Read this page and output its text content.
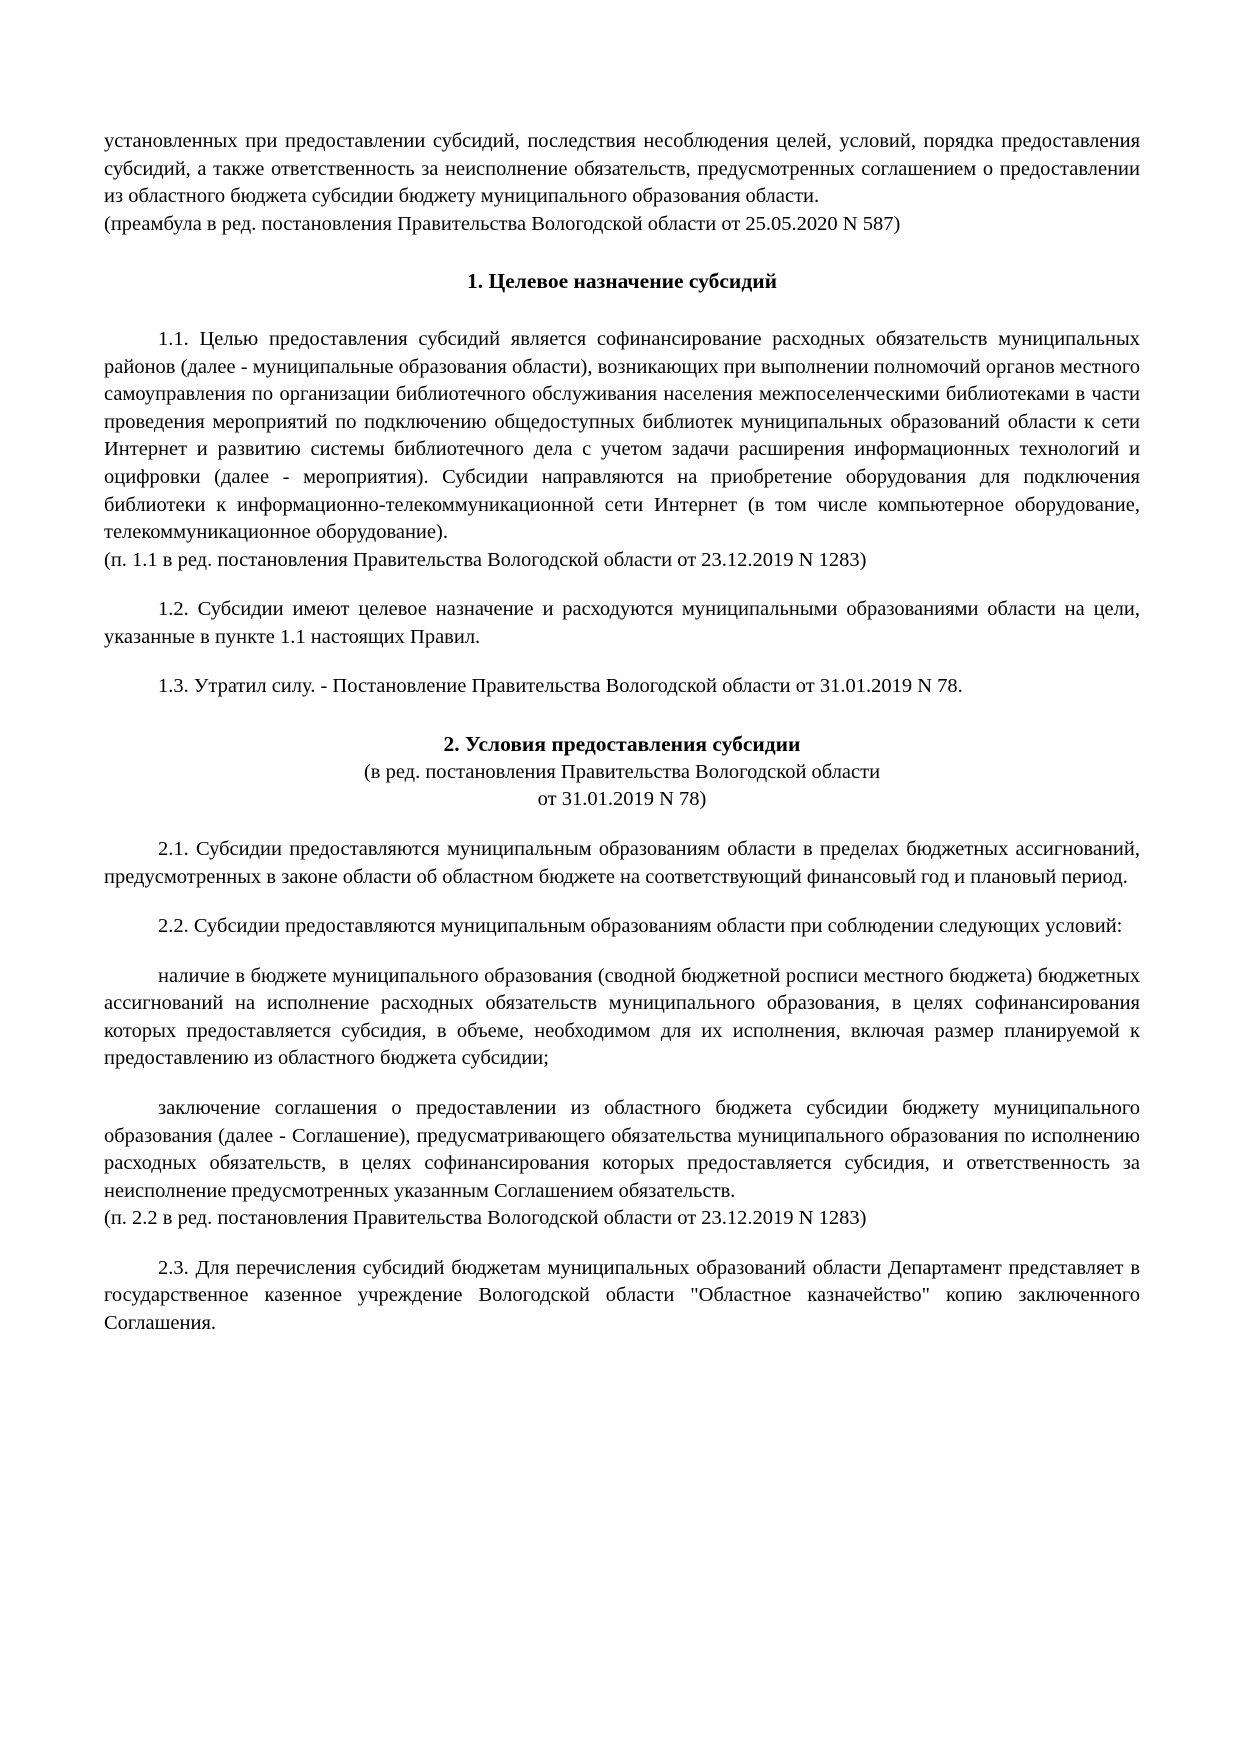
установленных при предоставлении субсидий, последствия несоблюдения целей, условий, порядка предоставления субсидий, а также ответственность за неисполнение обязательств, предусмотренных соглашением о предоставлении из областного бюджета субсидии бюджету муниципального образования области.

(преамбула в ред. постановления Правительства Вологодской области от 25.05.2020 N 587)

1. Целевое назначение субсидий

1.1. Целью предоставления субсидий является софинансирование расходных обязательств муниципальных районов (далее - муниципальные образования области), возникающих при выполнении полномочий органов местного самоуправления по организации библиотечного обслуживания населения межпоселенческими библиотеками в части проведения мероприятий по подключению общедоступных библиотек муниципальных образований области к сети Интернет и развитию системы библиотечного дела с учетом задачи расширения информационных технологий и оцифровки (далее - мероприятия). Субсидии направляются на приобретение оборудования для подключения библиотеки к информационно-телекоммуникационной сети Интернет (в том числе компьютерное оборудование, телекоммуникационное оборудование).

(п. 1.1 в ред. постановления Правительства Вологодской области от 23.12.2019 N 1283)

1.2. Субсидии имеют целевое назначение и расходуются муниципальными образованиями области на цели, указанные в пункте 1.1 настоящих Правил.

1.3. Утратил силу. - Постановление Правительства Вологодской области от 31.01.2019 N 78.

2. Условия предоставления субсидии

(в ред. постановления Правительства Вологодской области

от 31.01.2019 N 78)

2.1. Субсидии предоставляются муниципальным образованиям области в пределах бюджетных ассигнований, предусмотренных в законе области об областном бюджете на соответствующий финансовый год и плановый период.

2.2. Субсидии предоставляются муниципальным образованиям области при соблюдении следующих условий:

наличие в бюджете муниципального образования (сводной бюджетной росписи местного бюджета) бюджетных ассигнований на исполнение расходных обязательств муниципального образования, в целях софинансирования которых предоставляется субсидия, в объеме, необходимом для их исполнения, включая размер планируемой к предоставлению из областного бюджета субсидии;

заключение соглашения о предоставлении из областного бюджета субсидии бюджету муниципального образования (далее - Соглашение), предусматривающего обязательства муниципального образования по исполнению расходных обязательств, в целях софинансирования которых предоставляется субсидия, и ответственность за неисполнение предусмотренных указанным Соглашением обязательств.

(п. 2.2 в ред. постановления Правительства Вологодской области от 23.12.2019 N 1283)

2.3. Для перечисления субсидий бюджетам муниципальных образований области Департамент представляет в государственное казенное учреждение Вологодской области "Областное казначейство" копию заключенного Соглашения.
